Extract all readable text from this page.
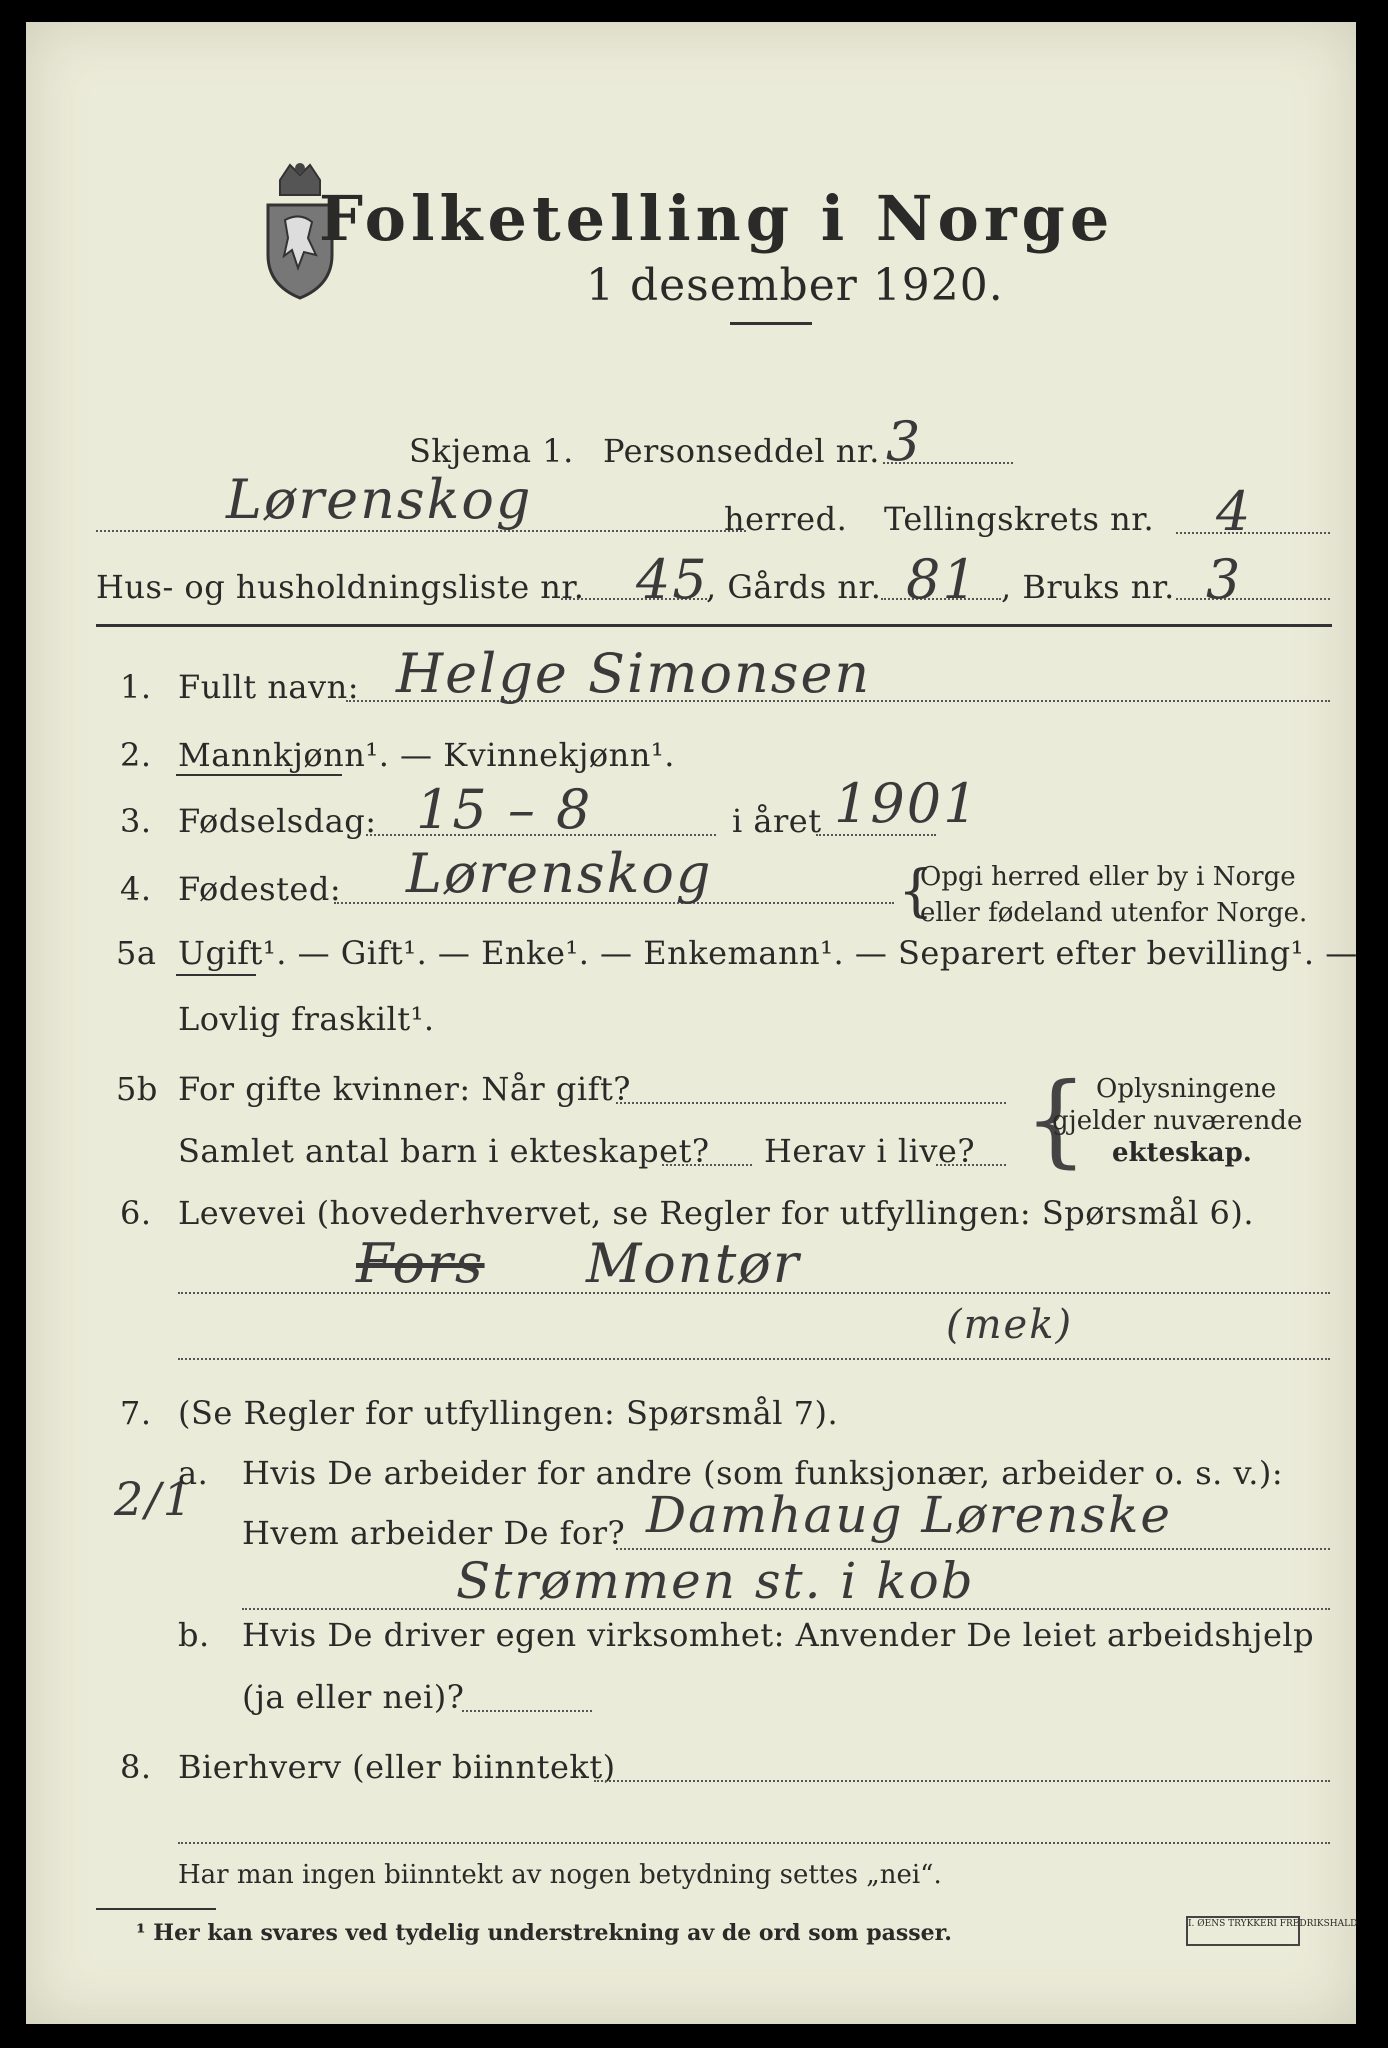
Folketelling i Norge
1 desember 1920.
Skjema 1. Personseddel nr. 3
Lørenskog	herred. Tellingskrets nr. 4
Hus- og husholdningsliste nr. 45
, Gårds nr. 81 , Bruks nr. 3
1. Fullt navn: Helge Simonsen
2. Mannkjønn¹. — Kvinnekjønn¹.
3. Fødselsdag: 15 – 8	i året 1901
4. Fødested: Lørenskog	{
Opgi herred eller by i Norge
eller fødeland utenfor Norge.
5a Ugift¹. — Gift¹. — Enke¹. — Enkemann¹. — Separert efter bevilling¹. —
Lovlig fraskilt¹.
5b For gifte kvinner: Når gift?
Samlet antal barn i ekteskapet? Herav i live? { Oplysningene
gjelder nuværende
ekteskap.
6. Levevei (hovederhvervet, se Regler for utfyllingen: Spørsmål 6).
Fors Montør
(mek)
7. (Se Regler for utfyllingen: Spørsmål 7).
2/1
a. Hvis De arbeider for andre (som funksjonær, arbeider o. s. v.):
Hvem arbeider De for? Damhaug Lørenske
Strømmen st. i kob
b. Hvis De driver egen virksomhet: Anvender De leiet arbeidshjelp
(ja eller nei)?
8. Bierhverv (eller biinntekt)
Har man ingen biinntekt av nogen betydning settes „nei“.
¹ Her kan svares ved tydelig understrekning av de ord som passer.	I. ØENS TRYKKERI FREDRIKSHALD
